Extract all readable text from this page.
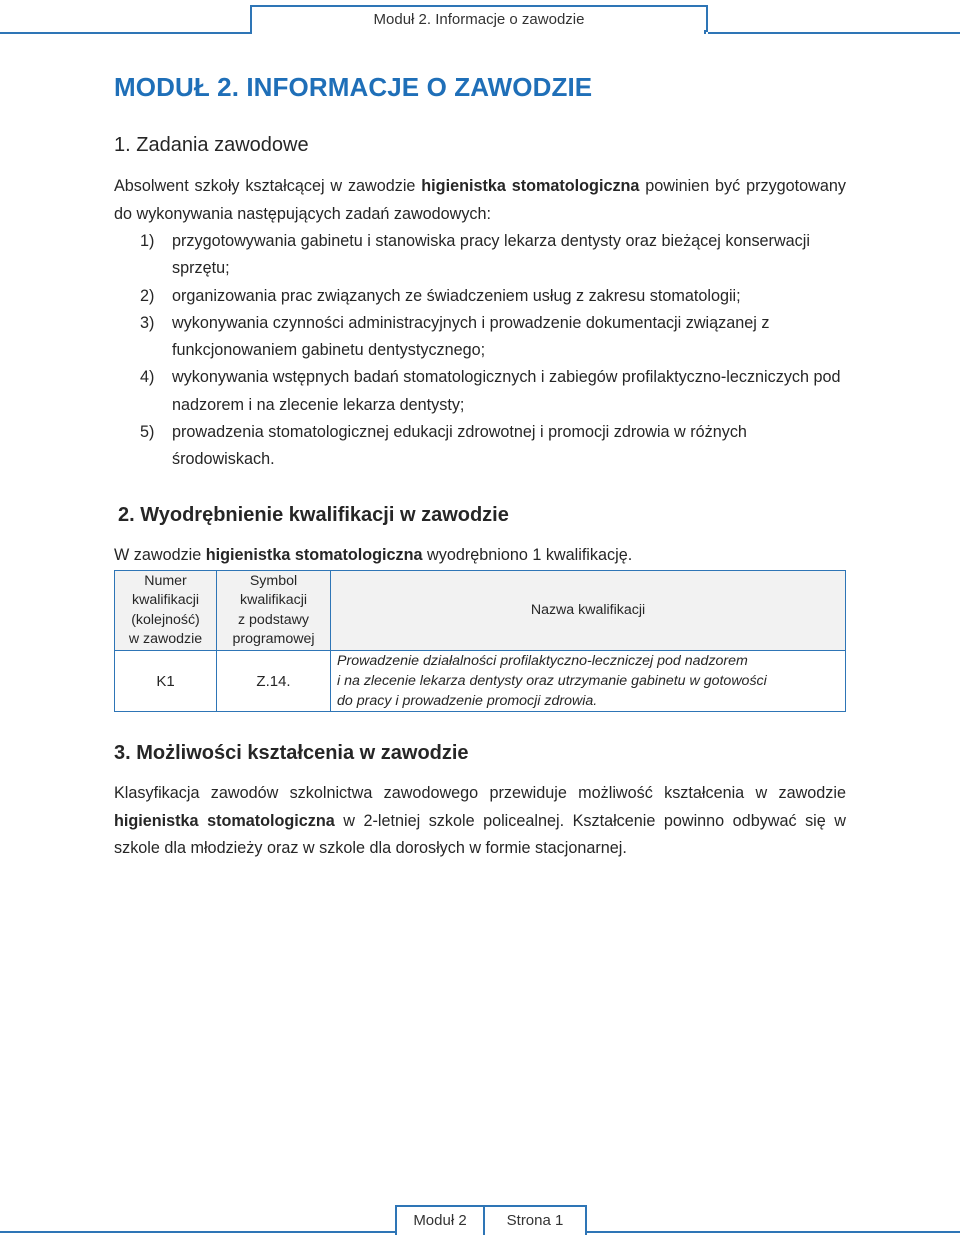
Moduł 2. Informacje o zawodzie
MODUŁ 2. INFORMACJE O ZAWODZIE
1. Zadania zawodowe

Absolwent szkoły kształcącej w zawodzie higienistka stomatologiczna powinien być przygotowany do wykonywania następujących zadań zawodowych:

1) przygotowywania gabinetu i stanowiska pracy lekarza dentysty oraz bieżącej konserwacji sprzętu;
2) organizowania prac związanych ze świadczeniem usług z zakresu stomatologii;
3) wykonywania czynności administracyjnych i prowadzenie dokumentacji związanej z funkcjonowaniem gabinetu dentystycznego;
4) wykonywania wstępnych badań stomatologicznych i zabiegów profilaktyczno-leczniczych pod nadzorem i na zlecenie lekarza dentysty;
5) prowadzenia stomatologicznej edukacji zdrowotnej i promocji zdrowia w różnych środowiskach.
2. Wyodrębnienie kwalifikacji w zawodzie

W zawodzie higienistka stomatologiczna wyodrębniono 1 kwalifikację.

Numer
kwalifikacji
(kolejność)
w zawodzie	Symbol
kwalifikacji
z podstawy
programowej	Nazwa kwalifikacji
K1	Z.14.	Prowadzenie działalności profilaktyczno-leczniczej pod nadzorem
i na zlecenie lekarza dentysty oraz utrzymanie gabinetu w gotowości
do pracy i prowadzenie promocji zdrowia.
3. Możliwości kształcenia w zawodzie

Klasyfikacja zawodów szkolnictwa zawodowego przewiduje możliwość kształcenia w zawodzie higienistka stomatologiczna w 2-letniej szkole policealnej. Kształcenie powinno odbywać się w szkole dla młodzieży oraz w szkole dla dorosłych w formie stacjonarnej.

Moduł 2	Strona 1
